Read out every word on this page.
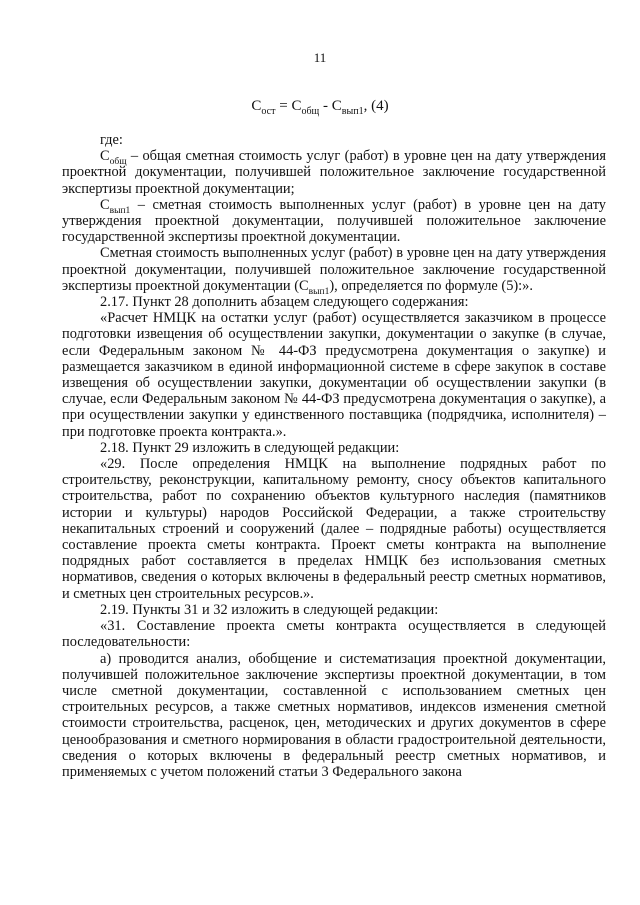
11
$С_{ост} = С_{общ} - С_{вып1}$, (4)

где:

$С_{общ}$ – общая сметная стоимость услуг (работ) в уровне цен на дату утверждения проектной документации, получившей положительное заключение государственной экспертизы проектной документации;

$С_{вып1}$ – сметная стоимость выполненных услуг (работ) в уровне цен на дату утверждения проектной документации, получившей положительное заключение государственной экспертизы проектной документации.

Сметная стоимость выполненных услуг (работ) в уровне цен на дату утверждения проектной документации, получившей положительное заключение государственной экспертизы проектной документации $(С_{вып1})$, определяется по формуле (5):».

2.17. Пункт 28 дополнить абзацем следующего содержания:

«Расчет НМЦК на остатки услуг (работ) осуществляется заказчиком в процессе подготовки извещения об осуществлении закупки, документации о закупке (в случае, если Федеральным законом № 44-ФЗ предусмотрена документация о закупке) и размещается заказчиком в единой информационной системе в сфере закупок в составе извещения об осуществлении закупки, документации об осуществлении закупки (в случае, если Федеральным законом № 44-ФЗ предусмотрена документация о закупке), а при осуществлении закупки у единственного поставщика (подрядчика, исполнителя) – при подготовке проекта контракта.».

2.18. Пункт 29 изложить в следующей редакции:

«29. После определения НМЦК на выполнение подрядных работ по строительству, реконструкции, капитальному ремонту, сносу объектов капитального строительства, работ по сохранению объектов культурного наследия (памятников истории и культуры) народов Российской Федерации, а также строительству некапитальных строений и сооружений (далее – подрядные работы) осуществляется составление проекта сметы контракта. Проект сметы контракта на выполнение подрядных работ составляется в пределах НМЦК без использования сметных нормативов, сведения о которых включены в федеральный реестр сметных нормативов, и сметных цен строительных ресурсов.».

2.19. Пункты 31 и 32 изложить в следующей редакции:

«31. Составление проекта сметы контракта осуществляется в следующей последовательности:

а) проводится анализ, обобщение и систематизация проектной документации, получившей положительное заключение экспертизы проектной документации, в том числе сметной документации, составленной с использованием сметных цен строительных ресурсов, а также сметных нормативов, индексов изменения сметной стоимости строительства, расценок, цен, методических и других документов в сфере ценообразования и сметного нормирования в области градостроительной деятельности, сведения о которых включены в федеральный реестр сметных нормативов, и применяемых с учетом положений статьи 3 Федерального закона
